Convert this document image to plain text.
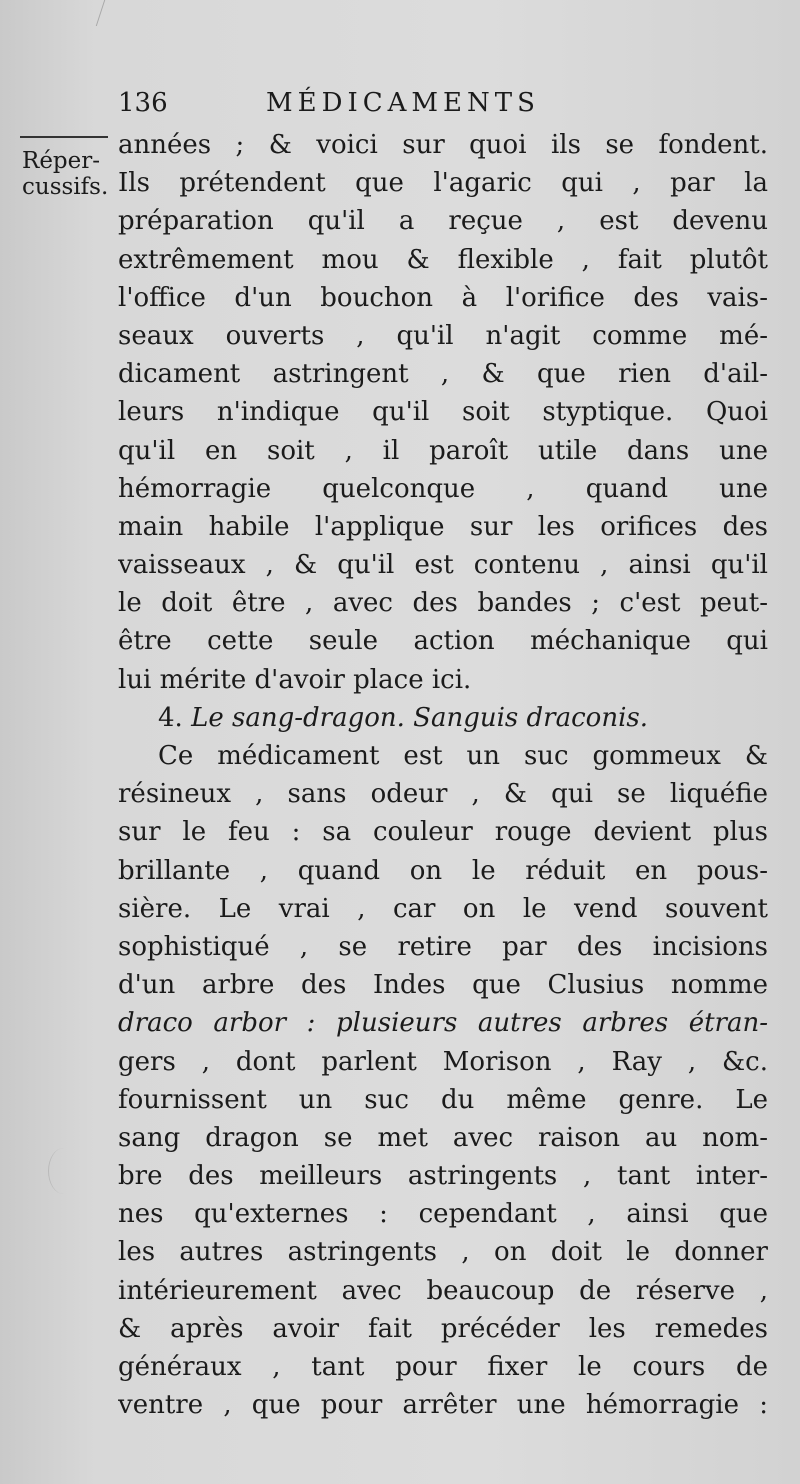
136	MÉDICAMENTS
Réper-
cussifs.
années ; & voici sur quoi ils se fondent.
Ils prétendent que l'agaric qui , par la
préparation qu'il a reçue , est devenu
extrêmement mou & flexible , fait plutôt
l'office d'un bouchon à l'orifice des vais-
seaux ouverts , qu'il n'agit comme mé-
dicament astringent , & que rien d'ail-
leurs n'indique qu'il soit styptique. Quoi
qu'il en soit , il paroît utile dans une
hémorragie quelconque , quand une
main habile l'applique sur les orifices des
vaisseaux , & qu'il est contenu , ainsi qu'il
le doit être , avec des bandes ; c'est peut-
être cette seule action méchanique qui
lui mérite d'avoir place ici.
4. Le sang-dragon. Sanguis draconis.
Ce médicament est un suc gommeux &
résineux , sans odeur , & qui se liquéfie
sur le feu : sa couleur rouge devient plus
brillante , quand on le réduit en pous-
sière. Le vrai , car on le vend souvent
sophistiqué , se retire par des incisions
d'un arbre des Indes que Clusius nomme
draco arbor : plusieurs autres arbres étran-
gers , dont parlent Morison , Ray , &c.
fournissent un suc du même genre. Le
sang dragon se met avec raison au nom-
bre des meilleurs astringents , tant inter-
nes qu'externes : cependant , ainsi que
les autres astringents , on doit le donner
intérieurement avec beaucoup de réserve ,
& après avoir fait précéder les remedes
généraux , tant pour fixer le cours de
ventre , que pour arrêter une hémorragie :
